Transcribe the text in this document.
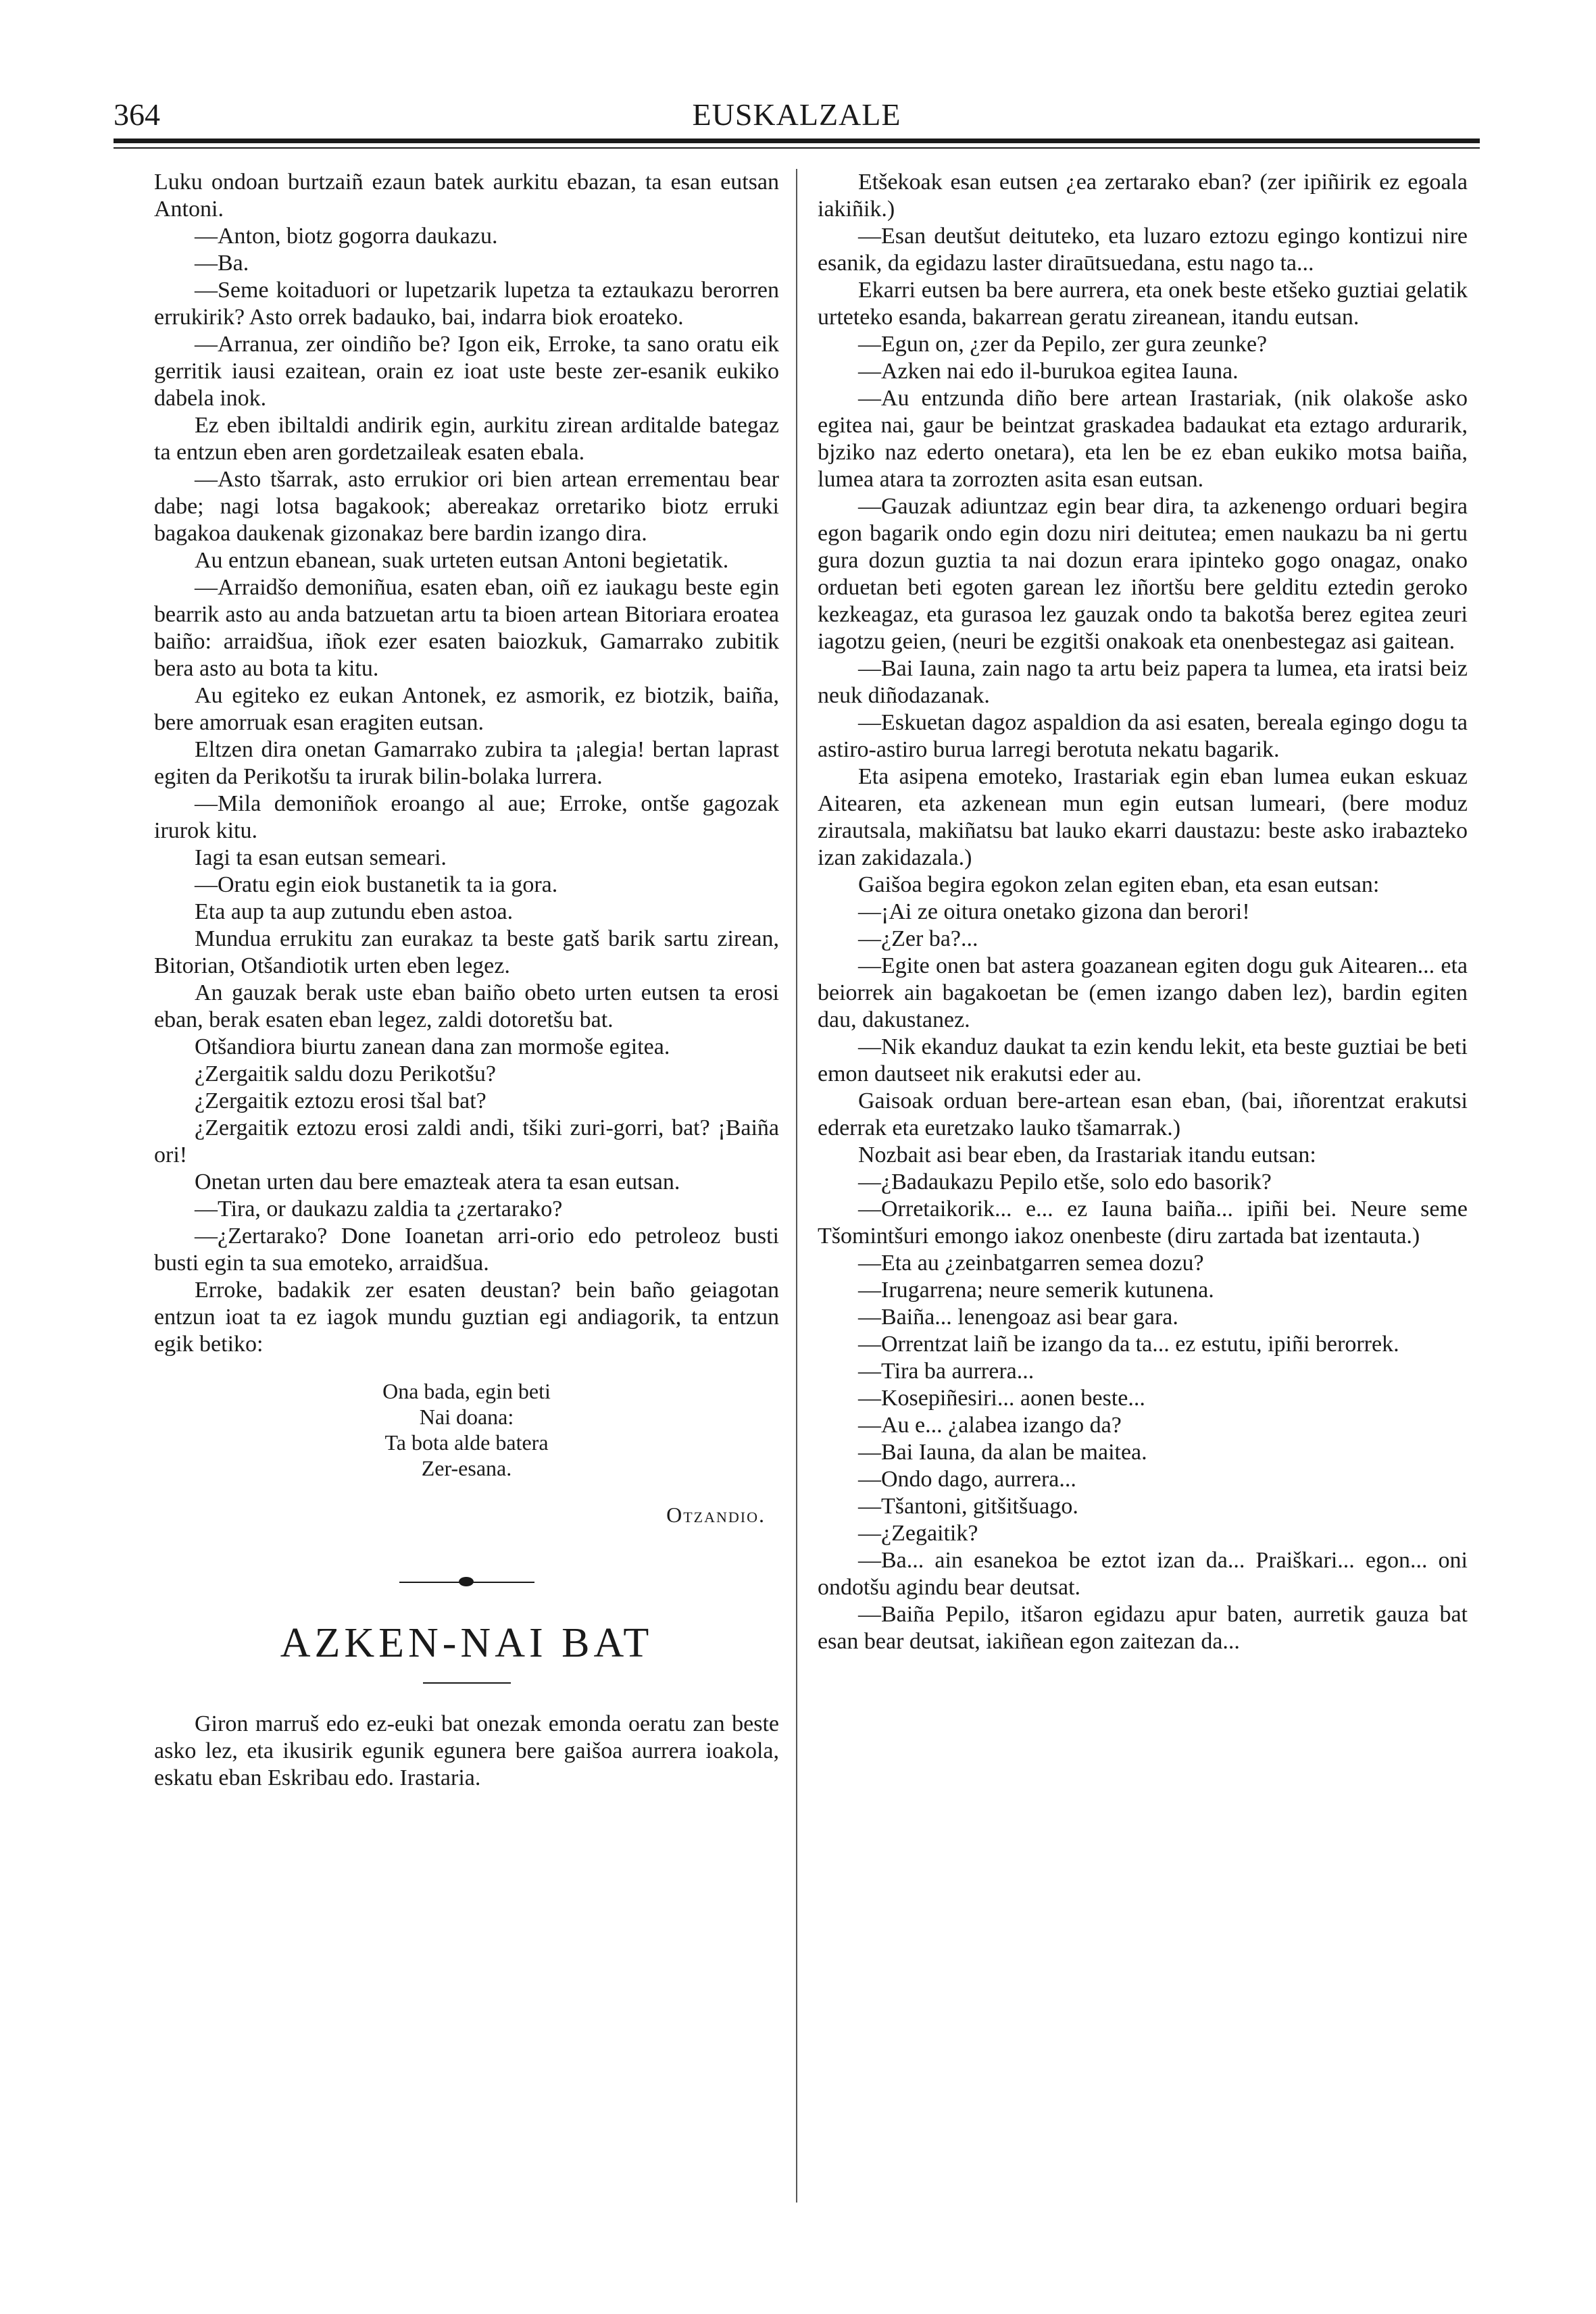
364	EUSKALZALE

Luku ondoan burtzaiñ ezaun batek aurkitu ebazan, ta esan eutsan Antoni.

—Anton, biotz gogorra daukazu.

—Ba.

—Seme koitaduori or lupetzarik lupetza ta eztaukazu berorren errukirik? Asto orrek badauko, bai, indarra biok eroateko.

—Arranua, zer oindiño be? Igon eik, Erroke, ta sano oratu eik gerritik iausi ezaitean, orain ez ioat uste beste zer-esanik eukiko dabela inok.

Ez eben ibiltaldi andirik egin, aurkitu zirean arditalde bategaz ta entzun eben aren gordetzaileak esaten ebala.

—Asto tšarrak, asto errukior ori bien artean errementau bear dabe; nagi lotsa bagakook; abereakaz orretariko biotz erruki bagakoa daukenak gizonakaz bere bardin izango dira.

Au entzun ebanean, suak urteten eutsan Antoni begietatik.

—Arraidšo demoniñua, esaten eban, oiñ ez iaukagu beste egin bearrik asto au anda batzuetan artu ta bioen artean Bitoriara eroatea baiño: arraidšua, iñok ezer esaten baiozkuk, Gamarrako zubitik bera asto au bota ta kitu.

Au egiteko ez eukan Antonek, ez asmorik, ez biotzik, baiña, bere amorruak esan eragiten eutsan.

Eltzen dira onetan Gamarrako zubira ta ¡alegia! bertan laprast egiten da Perikotšu ta irurak bilin-bolaka lurrera.

—Mila demoniñok eroango al aue; Erroke, ontše gagozak irurok kitu.

Iagi ta esan eutsan semeari.

—Oratu egin eiok bustanetik ta ia gora.

Eta aup ta aup zutundu eben astoa.

Mundua errukitu zan eurakaz ta beste gatš barik sartu zirean, Bitorian, Otšandiotik urten eben legez.

An gauzak berak uste eban baiño obeto urten eutsen ta erosi eban, berak esaten eban legez, zaldi dotoretšu bat.

Otšandiora biurtu zanean dana zan mormoše egitea.

¿Zergaitik saldu dozu Perikotšu?

¿Zergaitik eztozu erosi tšal bat?

¿Zergaitik eztozu erosi zaldi andi, tšiki zuri-gorri, bat? ¡Baiña ori!

Onetan urten dau bere emazteak atera ta esan eutsan.

—Tira, or daukazu zaldia ta ¿zertarako?

—¿Zertarako? Done Ioanetan arri-orio edo petroleoz busti busti egin ta sua emoteko, arraidšua.

Erroke, badakik zer esaten deustan? bein baño geiagotan entzun ioat ta ez iagok mundu guztian egi andiagorik, ta entzun egik betiko:

Ona bada, egin beti
Nai doana:
Ta bota alde batera
Zer-esana.
Otzandio.
AZKEN-NAI BAT

Giron marruš edo ez-euki bat onezak emonda oeratu zan beste asko lez, eta ikusirik egunik egunera bere gaišoa aurrera ioakola, eskatu eban Eskribau edo. Irastaria.

Etšekoak esan eutsen ¿ea zertarako eban? (zer ipiñirik ez egoala iakiñik.)

—Esan deutšut deituteko, eta luzaro eztozu egingo kontizui nire esanik, da egidazu laster diraūtsuedana, estu nago ta...

Ekarri eutsen ba bere aurrera, eta onek beste etšeko guztiai gelatik urteteko esanda, bakarrean geratu zireanean, itandu eutsan.

—Egun on, ¿zer da Pepilo, zer gura zeunke?

—Azken nai edo il-burukoa egitea Iauna.

—Au entzunda diño bere artean Irastariak, (nik olakoše asko egitea nai, gaur be beintzat graskadea badaukat eta eztago ardurarik, bjziko naz ederto onetara), eta len be ez eban eukiko motsa baiña, lumea atara ta zorrozten asita esan eutsan.

—Gauzak adiuntzaz egin bear dira, ta azkenengo orduari begira egon bagarik ondo egin dozu niri deitutea; emen naukazu ba ni gertu gura dozun guztia ta nai dozun erara ipinteko gogo onagaz, onako orduetan beti egoten garean lez iñortšu bere gelditu eztedin geroko kezkeagaz, eta gurasoa lez gauzak ondo ta bakotša berez egitea zeuri iagotzu geien, (neuri be ezgitši onakoak eta onenbestegaz asi gaitean.

—Bai Iauna, zain nago ta artu beiz papera ta lumea, eta iratsi beiz neuk diñodazanak.

—Eskuetan dagoz aspaldion da asi esaten, bereala egingo dogu ta astiro-astiro burua larregi berotuta nekatu bagarik.

Eta asipena emoteko, Irastariak egin eban lumea eukan eskuaz Aitearen, eta azkenean mun egin eutsan lumeari, (bere moduz zirautsala, makiñatsu bat lauko ekarri daustazu: beste asko irabazteko izan zakidazala.)

Gaišoa begira egokon zelan egiten eban, eta esan eutsan:

—¡Ai ze oitura onetako gizona dan berori!

—¿Zer ba?...

—Egite onen bat astera goazanean egiten dogu guk Aitearen... eta beiorrek ain bagakoetan be (emen izango daben lez), bardin egiten dau, dakustanez.

—Nik ekanduz daukat ta ezin kendu lekit, eta beste guztiai be beti emon dautseet nik erakutsi eder au.

Gaisoak orduan bere-artean esan eban, (bai, iñorentzat erakutsi ederrak eta euretzako lauko tšamarrak.)

Nozbait asi bear eben, da Irastariak itandu eutsan:

—¿Badaukazu Pepilo etše, solo edo basorik?

—Orretaikorik... e... ez Iauna baiña... ipiñi bei. Neure seme Tšomintšuri emongo iakoz onenbeste (diru zartada bat izentauta.)

—Eta au ¿zeinbatgarren semea dozu?

—Irugarrena; neure semerik kutunena.

—Baiña... lenengoaz asi bear gara.

—Orrentzat laiñ be izango da ta... ez estutu, ipiñi berorrek.

—Tira ba aurrera...

—Kosepiñesiri... aonen beste...

—Au e... ¿alabea izango da?

—Bai Iauna, da alan be maitea.

—Ondo dago, aurrera...

—Tšantoni, gitšitšuago.

—¿Zegaitik?

—Ba... ain esanekoa be eztot izan da... Praiškari... egon... oni ondotšu agindu bear deutsat.

—Baiña Pepilo, itšaron egidazu apur baten, aurretik gauza bat esan bear deutsat, iakiñean egon zaitezan da...
